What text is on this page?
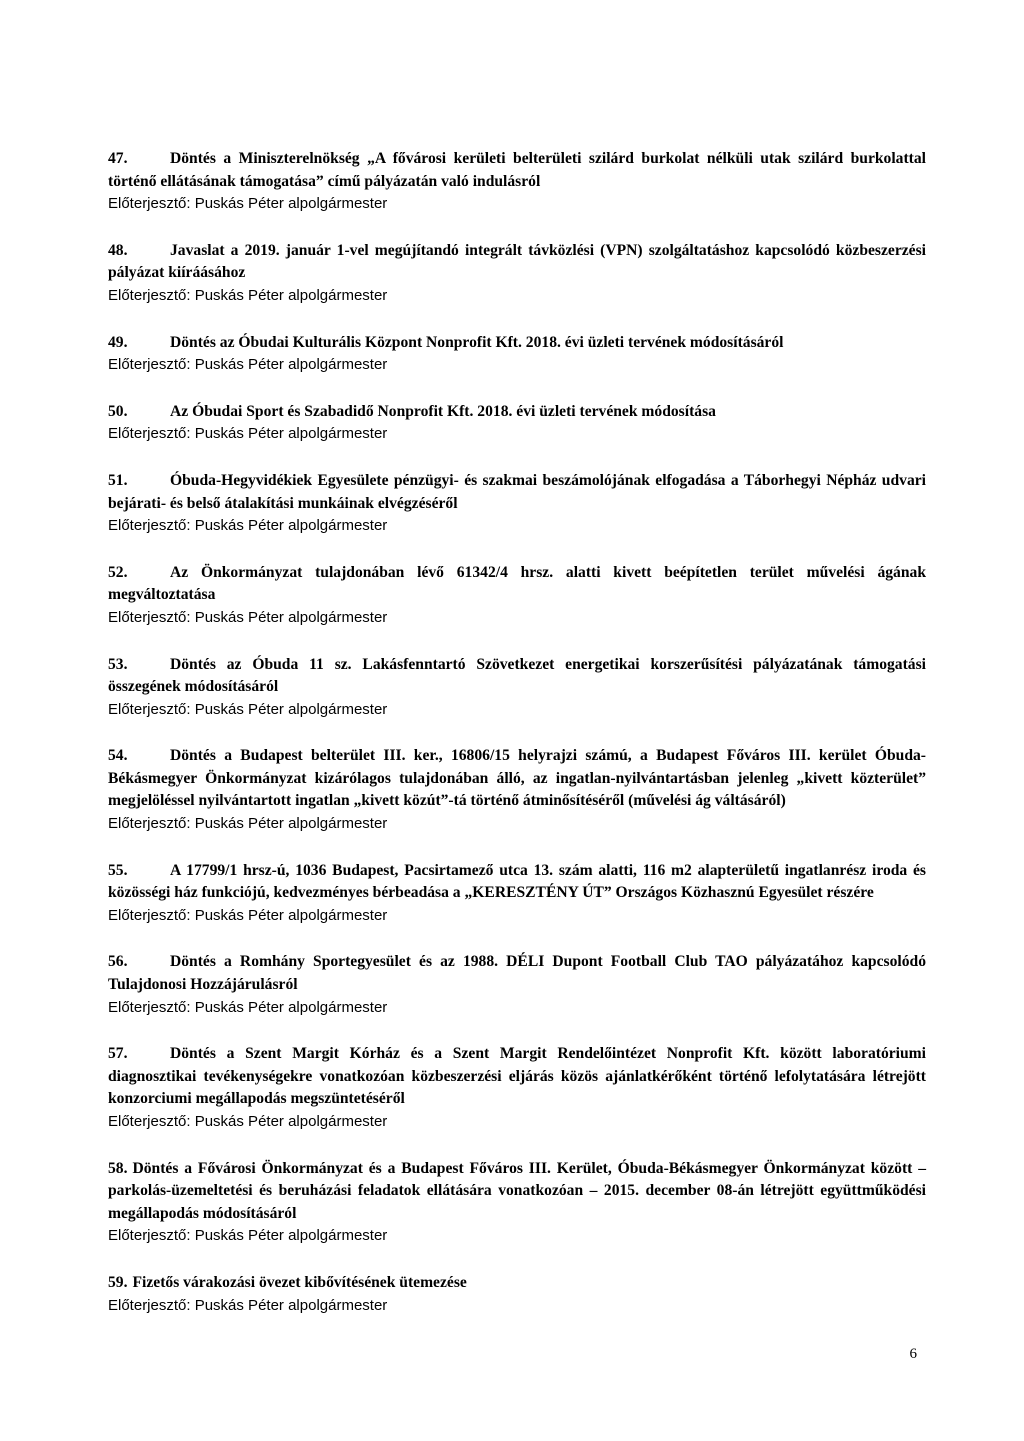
47.	Döntés a Miniszterelnökség „A fővárosi kerületi belterületi szilárd burkolat nélküli utak szilárd burkolattal történő ellátásának támogatása” című pályázatán való indulásról
Előterjesztő: Puskás Péter alpolgármester
48.	Javaslat a 2019. január 1-vel megújítandó integrált távközlési (VPN) szolgáltatáshoz kapcsolódó közbeszerzési pályázat kiíráásához
Előterjesztő: Puskás Péter alpolgármester
49.	Döntés az Óbudai Kulturális Központ Nonprofit Kft. 2018. évi üzleti tervének módosításáról
Előterjesztő: Puskás Péter alpolgármester
50.	Az Óbudai Sport és Szabadidő Nonprofit Kft. 2018. évi üzleti tervének módosítása
Előterjesztő: Puskás Péter alpolgármester
51.	Óbuda-Hegyvidékiek Egyesülete pénzügyi- és szakmai beszámolójának elfogadása a Táborhegyi Népház udvari bejárati- és belső átalakítási munkáinak elvégzéséről
Előterjesztő: Puskás Péter alpolgármester
52.	Az Önkormányzat tulajdonában lévő 61342/4 hrsz. alatti kivett beépítetlen terület művelési ágának megváltoztatása
Előterjesztő: Puskás Péter alpolgármester
53.	Döntés az Óbuda 11 sz. Lakásfenntartó Szövetkezet energetikai korszerűsítési pályázatának támogatási összegének módosításáról
Előterjesztő: Puskás Péter alpolgármester
54.	Döntés a Budapest belterület III. ker., 16806/15 helyrajzi számú, a Budapest Főváros III. kerület Óbuda-Békásmegyer Önkormányzat kizárólagos tulajdonában álló, az ingatlan-nyilvántartásban jelenleg „kivett közterület” megjelöléssel nyilvántartott ingatlan „kivett közút”-tá történő átminősítéséről (művelési ág váltásáról)
Előterjesztő: Puskás Péter alpolgármester
55.	A 17799/1 hrsz-ú, 1036 Budapest, Pacsirtamező utca 13. szám alatti, 116 m2 alapterületű ingatlanrész iroda és közösségi ház funkciójú, kedvezményes bérbeadása a „KERESZTÉNY ÚT” Országos Közhasznú Egyesület részére
Előterjesztő: Puskás Péter alpolgármester
56.	Döntés a Romhány Sportegyesület és az 1988. DÉLI Dupont Football Club TAO pályázatához kapcsolódó Tulajdonosi Hozzájárulásról
Előterjesztő: Puskás Péter alpolgármester
57.	Döntés a Szent Margit Kórház és a Szent Margit Rendelőintézet Nonprofit Kft. között laboratóriumi diagnosztikai tevékenységekre vonatkozóan közbeszerzési eljárás közös ajánlatkérőként történő lefolytatására létrejött konzorciumi megállapodás megszüntetéséről
Előterjesztő: Puskás Péter alpolgármester
58. Döntés a Fővárosi Önkormányzat és a Budapest Főváros III. Kerület, Óbuda-Békásmegyer Önkormányzat között – parkolás-üzemeltetési és beruházási feladatok ellátására vonatkozóan – 2015. december 08-án létrejött együttműködési megállapodás módosításáról
Előterjesztő: Puskás Péter alpolgármester
59. Fizetős várakozási övezet kibővítésének ütemezése
Előterjesztő: Puskás Péter alpolgármester
6
